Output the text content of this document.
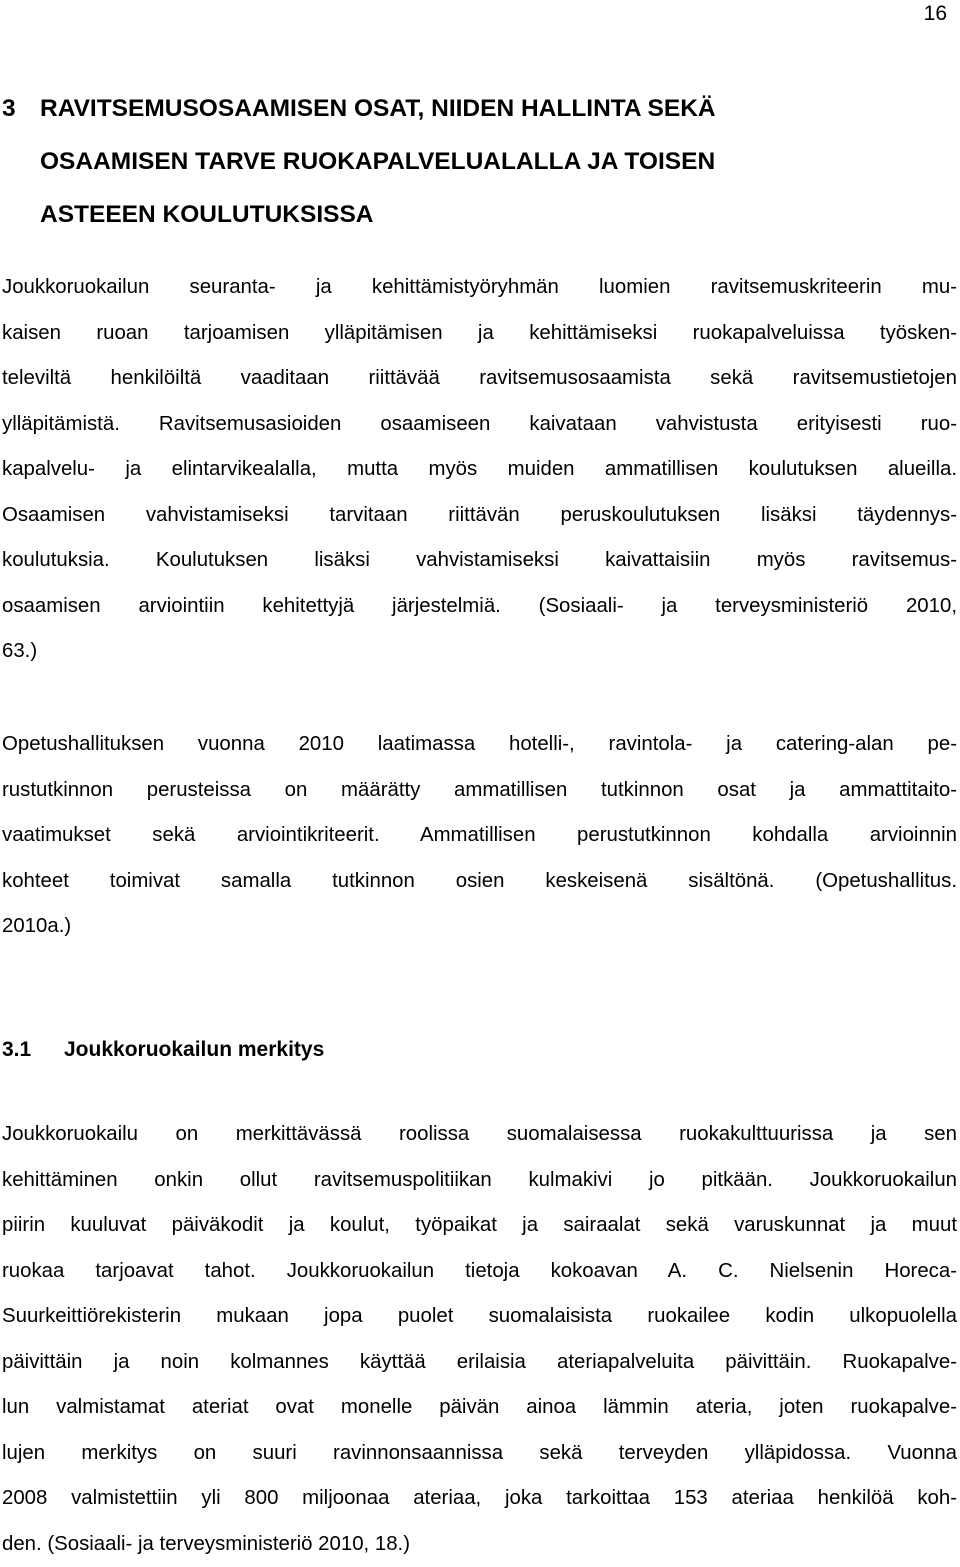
16
3 RAVITSEMUSOSAAMISEN OSAT, NIIDEN HALLINTA SEKÄ
OSAAMISEN TARVE RUOKAPALVELUALALLA JA TOISEN
ASTEEEN KOULUTUKSISSA

Joukkoruokailun seuranta- ja kehittämistyöryhmän luomien ravitsemuskriteerin mu-
kaisen ruoan tarjoamisen ylläpitämisen ja kehittämiseksi ruokapalveluissa työsken-
televiltä henkilöiltä vaaditaan riittävää ravitsemusosaamista sekä ravitsemustietojen
ylläpitämistä. Ravitsemusasioiden osaamiseen kaivataan vahvistusta erityisesti ruo-
kapalvelu- ja elintarvikealalla, mutta myös muiden ammatillisen koulutuksen alueilla.
Osaamisen vahvistamiseksi tarvitaan riittävän peruskoulutuksen lisäksi täydennys-
koulutuksia. Koulutuksen lisäksi vahvistamiseksi kaivattaisiin myös ravitsemus-
osaamisen arviointiin kehitettyjä järjestelmiä. (Sosiaali- ja terveysministeriö 2010,
63.)

Opetushallituksen vuonna 2010 laatimassa hotelli-, ravintola- ja catering-alan pe-
rustutkinnon perusteissa on määrätty ammatillisen tutkinnon osat ja ammattitaito-
vaatimukset sekä arviointikriteerit. Ammatillisen perustutkinnon kohdalla arvioinnin
kohteet toimivat samalla tutkinnon osien keskeisenä sisältönä. (Opetushallitus.
2010a.)

3.1 Joukkoruokailun merkitys

Joukkoruokailu on merkittävässä roolissa suomalaisessa ruokakulttuurissa ja sen
kehittäminen onkin ollut ravitsemuspolitiikan kulmakivi jo pitkään. Joukkoruokailun
piirin kuuluvat päiväkodit ja koulut, työpaikat ja sairaalat sekä varuskunnat ja muut
ruokaa tarjoavat tahot. Joukkoruokailun tietoja kokoavan A. C. Nielsenin Horeca-
Suurkeittiörekisterin mukaan jopa puolet suomalaisista ruokailee kodin ulkopuolella
päivittäin ja noin kolmannes käyttää erilaisia ateriapalveluita päivittäin. Ruokapalve-
lun valmistamat ateriat ovat monelle päivän ainoa lämmin ateria, joten ruokapalve-
lujen merkitys on suuri ravinnonsaannissa sekä terveyden ylläpidossa. Vuonna
2008 valmistettiin yli 800 miljoonaa ateriaa, joka tarkoittaa 153 ateriaa henkilöä koh-
den. (Sosiaali- ja terveysministeriö 2010, 18.)
